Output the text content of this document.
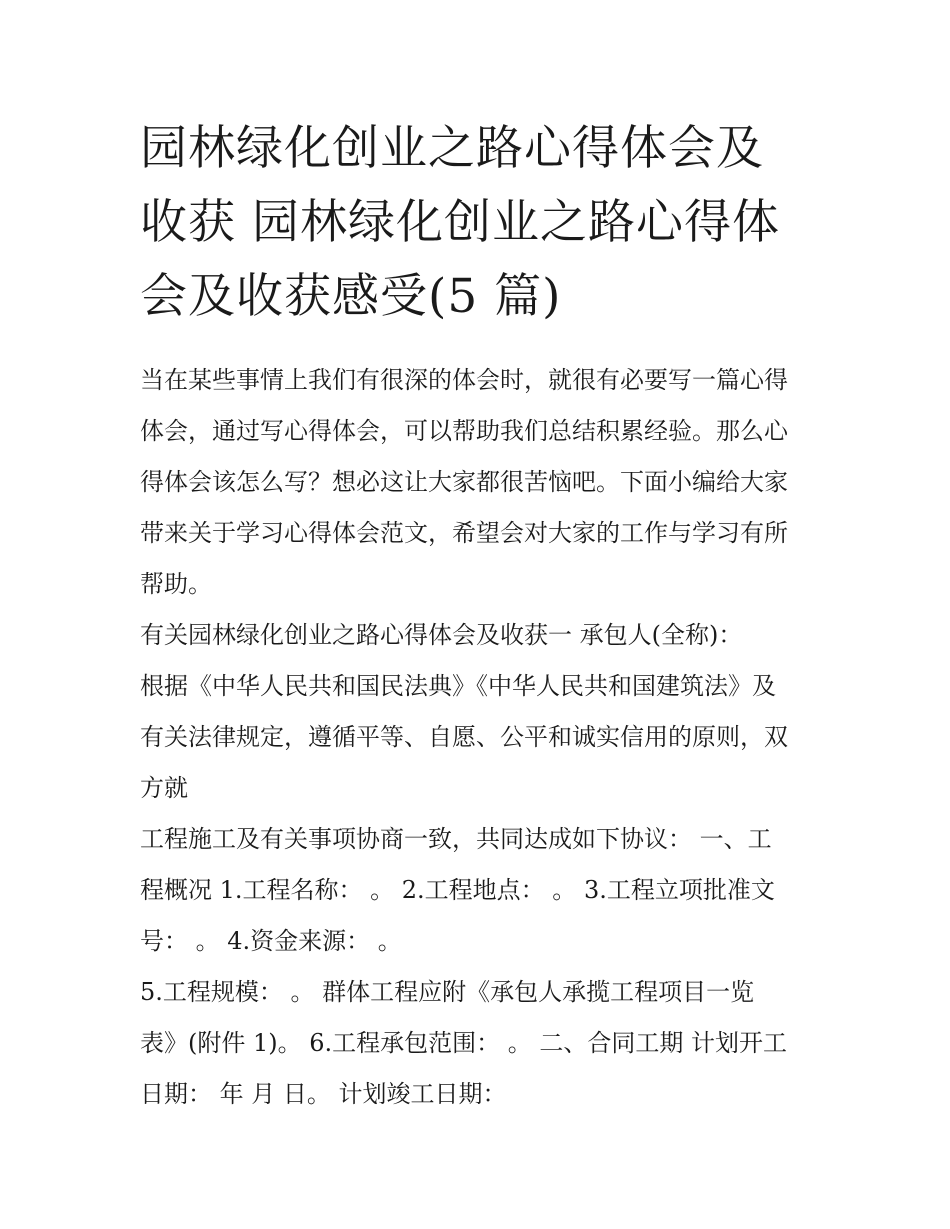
园林绿化创业之路心得体会及
收获 园林绿化创业之路心得体
会及收获感受(5 篇)
当在某些事情上我们有很深的体会时，就很有必要写一篇心得
体会，通过写心得体会，可以帮助我们总结积累经验。那么心
得体会该怎么写？想必这让大家都很苦恼吧。下面小编给大家
带来关于学习心得体会范文，希望会对大家的工作与学习有所
帮助。
有关园林绿化创业之路心得体会及收获一 承包人(全称)：
根据《中华人民共和国民法典》《中华人民共和国建筑法》及
有关法律规定，遵循平等、自愿、公平和诚实信用的原则，双
方就
工程施工及有关事项协商一致，共同达成如下协议： 一、工
程概况 1.工程名称： 。 2.工程地点： 。 3.工程立项批准文
号： 。 4.资金来源： 。
5.工程规模： 。 群体工程应附《承包人承揽工程项目一览
表》(附件 1)。 6.工程承包范围： 。 二、合同工期 计划开工
日期： 年 月 日。 计划竣工日期：
